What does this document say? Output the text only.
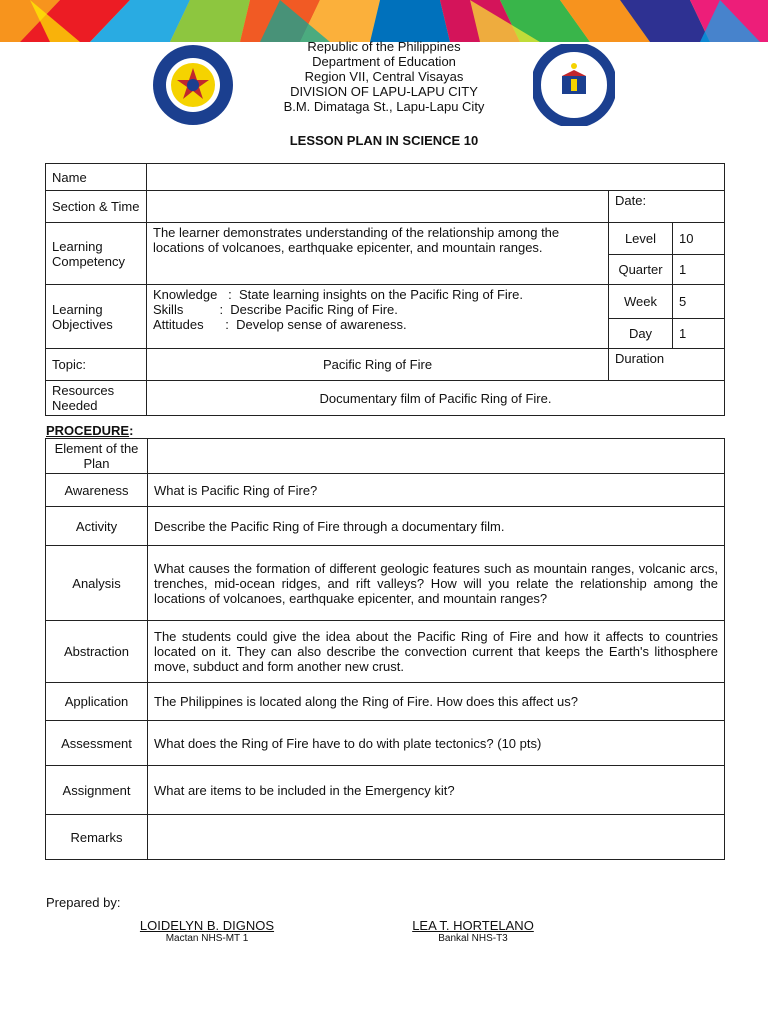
Republic of the Philippines
Department of Education
Region VII, Central Visayas
DIVISION OF LAPU-LAPU CITY
B.M. Dimataga St., Lapu-Lapu City
LESSON PLAN IN SCIENCE 10
Name			
Section & Time		Date:	
Learning Competency	The learner demonstrates understanding of the relationship among the locations of volcanoes, earthquake epicenter, and mountain ranges.	Level	10
		Quarter	1
Learning Objectives	Knowledge   :  State learning insights on the Pacific Ring of Fire.
Skills          :  Describe Pacific Ring of Fire.
Attitudes      :  Develop sense of awareness.	Week	5
		Day	1
Topic:	Pacific Ring of Fire	Duration	
Resources Needed	Documentary film of Pacific Ring of Fire.		
PROCEDURE:
Element of the Plan	
Awareness	What is Pacific Ring of Fire?
Activity	Describe the Pacific Ring of Fire through a documentary film.
Analysis	What causes the formation of different geologic features such as mountain ranges, volcanic arcs, trenches, mid-ocean ridges, and rift valleys? How will you relate the relationship among the locations of volcanoes, earthquake epicenter, and mountain ranges?
Abstraction	The students could give the idea about the Pacific Ring of Fire and how it affects to countries located on it. They can also describe the convection current that keeps the Earth's lithosphere move, subduct and form another new crust.
Application	The Philippines is located along the Ring of Fire. How does this affect us?
Assessment	What does the Ring of Fire have to do with plate tectonics? (10 pts)
Assignment	What are items to be included in the Emergency kit?
Remarks	
Prepared by:
LOIDELYN B. DIGNOS
Mactan NHS-MT 1
LEA T. HORTELANO
Bankal NHS-T3
